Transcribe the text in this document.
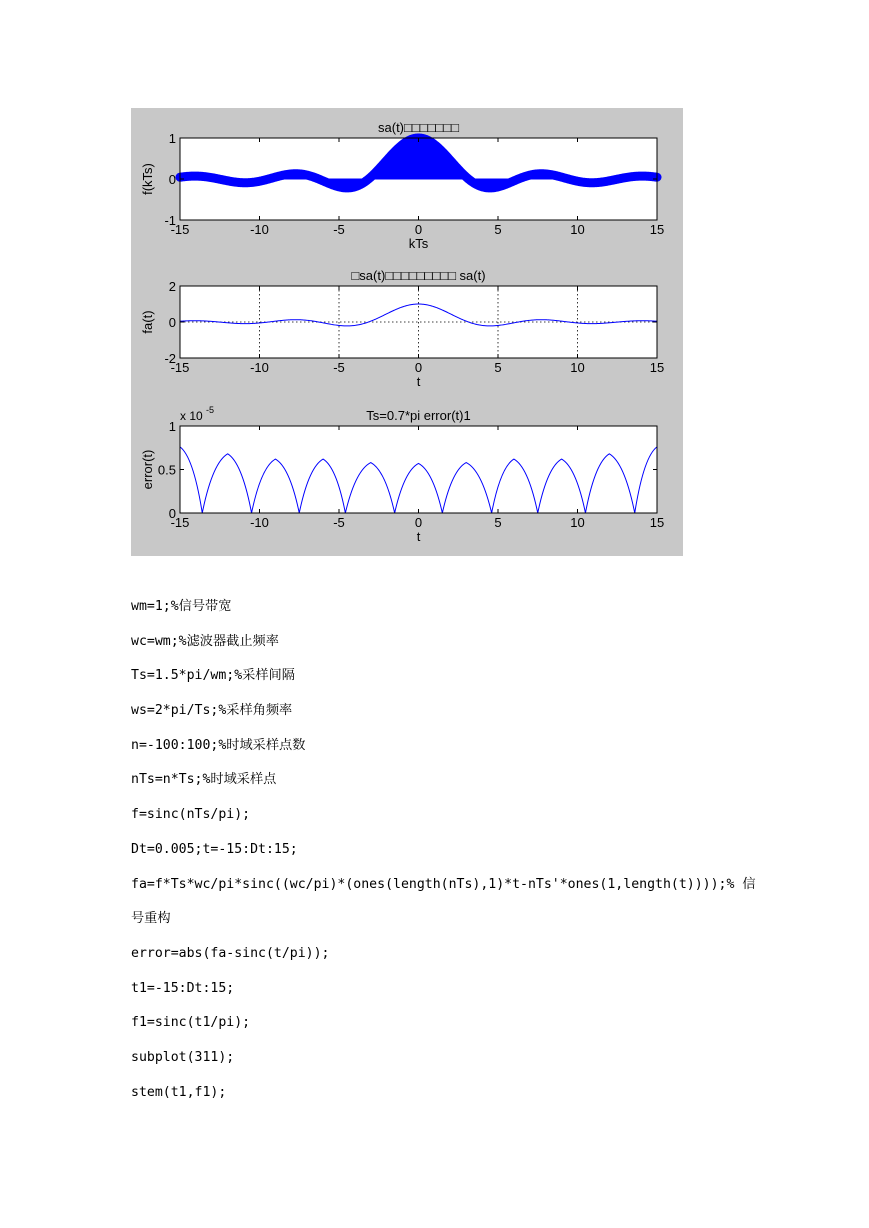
-15	-10	-5	0	5	10	15
1
0
-1
sa(t)□□□□□□□
kTs
f(kTs)
-15	-10	-5	0	5	10	15
2
0
-2
□sa(t)□□□□□□□□□ sa(t)
t
fa(t)
-15	-10	-5	0	5	10	15
1
0.5
0
Ts=0.7*pi error(t)1
t
error(t)
x 10 -5
wm=1;%信号带宽
wc=wm;%滤波器截止频率
Ts=1.5*pi/wm;%采样间隔
ws=2*pi/Ts;%采样角频率
n=-100:100;%时域采样点数
nTs=n*Ts;%时域采样点
f=sinc(nTs/pi);
Dt=0.005;t=-15:Dt:15;
fa=f*Ts*wc/pi*sinc((wc/pi)*(ones(length(nTs),1)*t-nTs'*ones(1,length(t))));% 信
号重构
error=abs(fa-sinc(t/pi));
t1=-15:Dt:15;
f1=sinc(t1/pi);
subplot(311);
stem(t1,f1);
